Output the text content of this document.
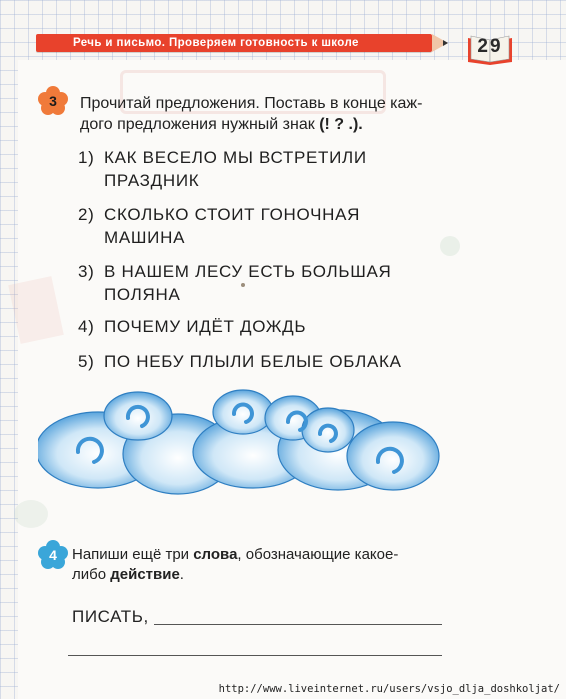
Речь и письмо. Проверяем готовность к школе	29
3	Прочитай предложения. Поставь в конце каж-
дого предложения нужный знак (! ? .).
1) КАК ВЕСЕЛО МЫ ВСТРЕТИЛИ
ПРАЗДНИК
2) СКОЛЬКО СТОИТ ГОНОЧНАЯ
МАШИНА
3) В НАШЕМ ЛЕСУ ЕСТЬ БОЛЬШАЯ
ПОЛЯНА
4) ПОЧЕМУ ИДЁТ ДОЖДЬ
5) ПО НЕБУ ПЛЫЛИ БЕЛЫЕ ОБЛАКА
4	Напиши ещё три слова, обозначающие какое-
либо действие.
ПИСАТЬ,
http://www.liveinternet.ru/users/vsjo_dlja_doshkoljat/
